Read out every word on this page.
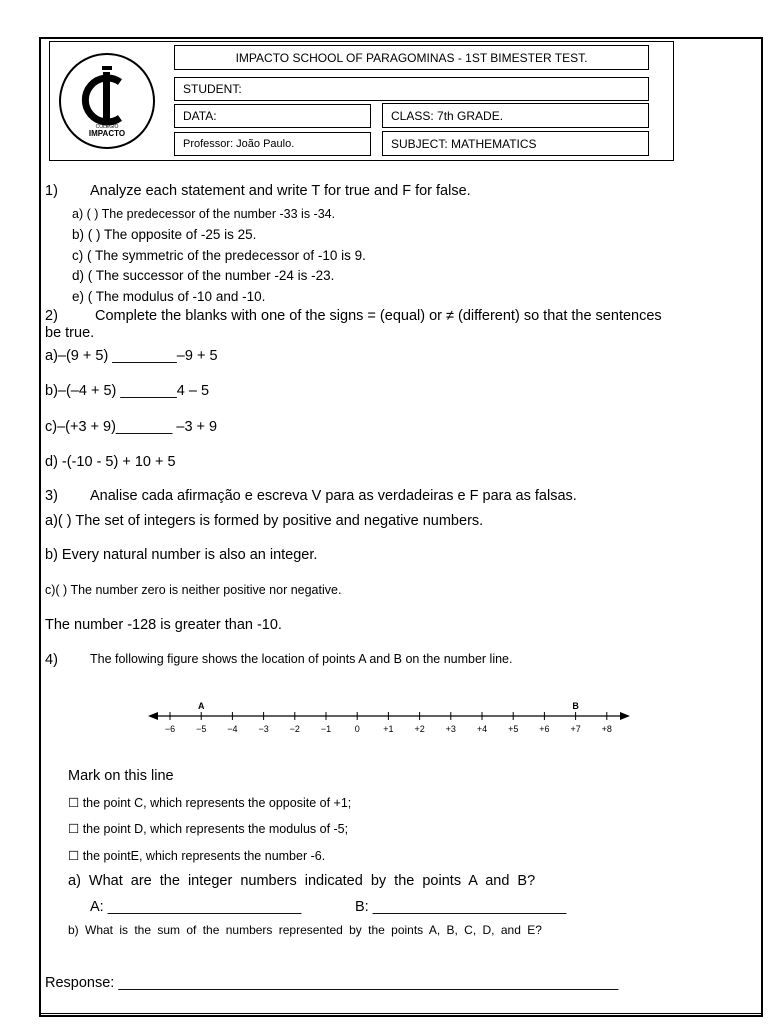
COLÉGIO
IMPACTO
IMPACTO SCHOOL OF PARAGOMINAS - 1ST BIMESTER TEST.
STUDENT:
DATA:	CLASS: 7th GRADE.
Professor: João Paulo.	SUBJECT: MATHEMATICS
1) Analyze each statement and write T for true and F for false.
a) ( ) The predecessor of the number -33 is -34.
b) ( ) The opposite of -25 is 25.
c) ( The symmetric of the predecessor of -10 is 9.
d) ( The successor of the number -24 is -23.
e) ( The modulus of -10 and -10.
2)	Complete the blanks with one of the signs = (equal) or ≠ (different) so that the sentences
be true.
a)–(9 + 5) ________–9 + 5
b)–(–4 + 5) _______4 – 5
c)–(+3 + 9)_______ –3 + 9
d) -(-10 - 5) + 10 + 5
3) Analise cada afirmação e escreva V para as verdadeiras e F para as falsas.
a)( ) The set of integers is formed by positive and negative numbers.
b) Every natural number is also an integer.
c)( ) The number zero is neither positive nor negative.
The number -128 is greater than -10.
4)	The following figure shows the location of points A and B on the number line.
−6 −5 −4 −3 −2 −1	0	+1 +2 +3 +4 +5 +6 +7 +8
A	B
Mark on this line
☐ the point C, which represents the opposite of +1;
☐ the point D, which represents the modulus of -5;
☐ the pointE, which represents the number -6.
a) What are the integer numbers indicated by the points A and B?
A: ________________________	B: ________________________
b) What is the sum of the numbers represented by the points A, B, C, D, and E?
Response: ______________________________________________________________
